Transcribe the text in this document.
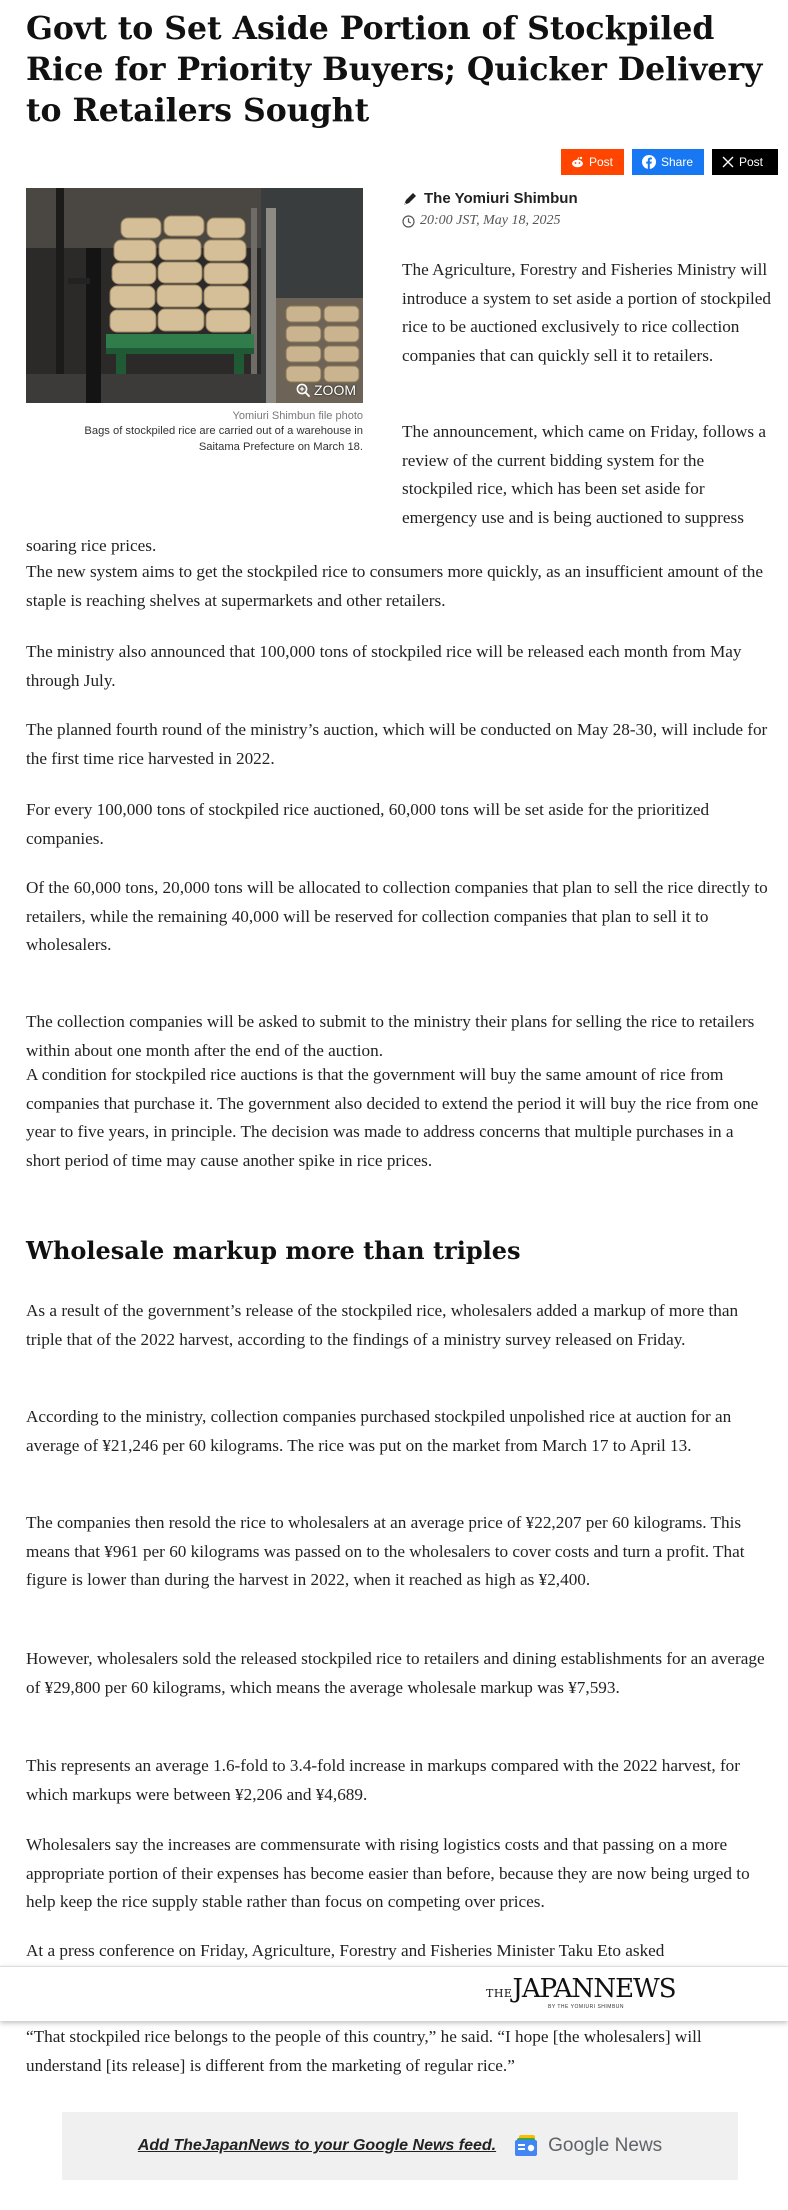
Govt to Set Aside Portion of Stockpiled Rice for Priority Buyers; Quicker Delivery to Retailers Sought
Post	Share	Post
ZOOM
Yomiuri Shimbun file photo
Bags of stockpiled rice are carried out of a warehouse in Saitama Prefecture on March 18.
The Yomiuri Shimbun
20:00 JST, May 18, 2025

The Agriculture, Forestry and Fisheries Ministry will introduce a system to set aside a portion of stockpiled rice to be auctioned exclusively to rice collection companies that can quickly sell it to retailers.

The announcement, which came on Friday, follows a review of the current bidding system for the stockpiled rice, which has been set aside for emergency use and is being auctioned to suppress soaring rice prices.

The new system aims to get the stockpiled rice to consumers more quickly, as an insufficient amount of the staple is reaching shelves at supermarkets and other retailers.

The ministry also announced that 100,000 tons of stockpiled rice will be released each month from May through July.

The planned fourth round of the ministry’s auction, which will be conducted on May 28-30, will include for the first time rice harvested in 2022.

For every 100,000 tons of stockpiled rice auctioned, 60,000 tons will be set aside for the prioritized companies.

Of the 60,000 tons, 20,000 tons will be allocated to collection companies that plan to sell the rice directly to retailers, while the remaining 40,000 will be reserved for collection companies that plan to sell it to wholesalers.

The collection companies will be asked to submit to the ministry their plans for selling the rice to retailers within about one month after the end of the auction.

A condition for stockpiled rice auctions is that the government will buy the same amount of rice from companies that purchase it. The government also decided to extend the period it will buy the rice from one year to five years, in principle. The decision was made to address concerns that multiple purchases in a short period of time may cause another spike in rice prices.

Wholesale markup more than triples

As a result of the government’s release of the stockpiled rice, wholesalers added a markup of more than triple that of the 2022 harvest, according to the findings of a ministry survey released on Friday.

According to the ministry, collection companies purchased stockpiled unpolished rice at auction for an average of ¥21,246 per 60 kilograms. The rice was put on the market from March 17 to April 13.

The companies then resold the rice to wholesalers at an average price of ¥22,207 per 60 kilograms. This means that ¥961 per 60 kilograms was passed on to the wholesalers to cover costs and turn a profit. That figure is lower than during the harvest in 2022, when it reached as high as ¥2,400.

However, wholesalers sold the released stockpiled rice to retailers and dining establishments for an average of ¥29,800 per 60 kilograms, which means the average wholesale markup was ¥7,593.

This represents an average 1.6-fold to 3.4-fold increase in markups compared with the 2022 harvest, for which markups were between ¥2,206 and ¥4,689.

Wholesalers say the increases are commensurate with rising logistics costs and that passing on a more appropriate portion of their expenses has become easier than before, because they are now being urged to help keep the rice supply stable rather than focus on competing over prices.

At a press conference on Friday, Agriculture, Forestry and Fisheries Minister Taku Eto asked

THEJAPANNEWS
BY THE YOMIURI SHIMBUN

“That stockpiled rice belongs to the people of this country,” he said. “I hope [the wholesalers] will understand [its release] is different from the marketing of regular rice.”

Add TheJapanNews to your Google News feed.	Google News
